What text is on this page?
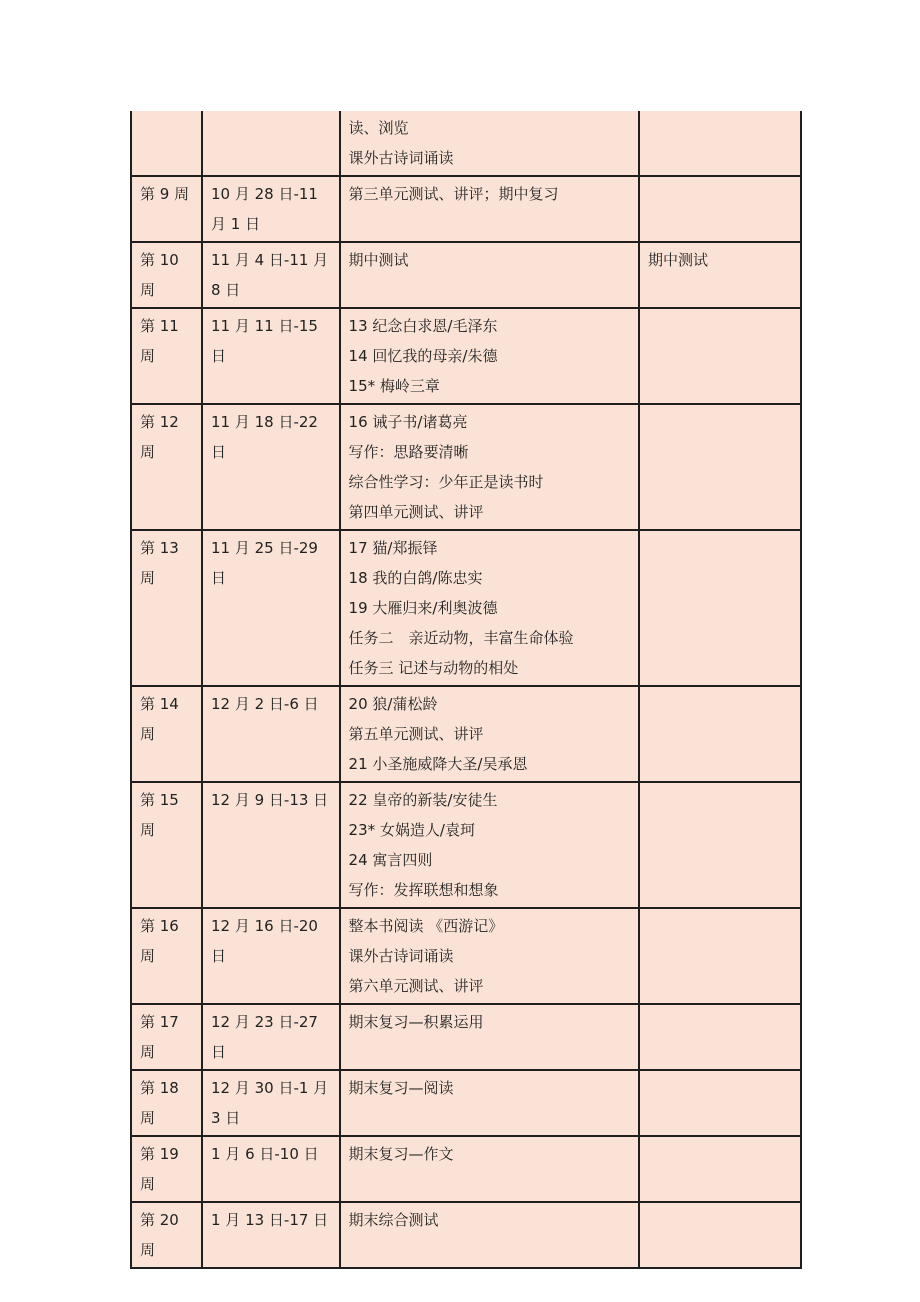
		读、浏览
课外古诗词诵读	

第 9 周	10 月 28 日-11 月 1 日	第三单元测试、讲评；期中复习	

第 10 周	11 月 4 日-11 月 8 日	期中测试	期中测试
第 11 周	11 月 11 日-15 日	13 纪念白求恩/毛泽东
14 回忆我的母亲/朱德
15* 梅岭三章	

第 12 周	11 月 18 日-22 日	16 诫子书/诸葛亮
写作：思路要清晰
综合性学习：少年正是读书时
第四单元测试、讲评	

第 13 周	11 月 25 日-29 日	17 猫/郑振铎
18 我的白鸽/陈忠实
19 大雁归来/利奥波德
任务二　亲近动物，丰富生命体验
任务三 记述与动物的相处	

第 14 周	12 月 2 日-6 日	20 狼/蒲松龄
第五单元测试、讲评
21 小圣施威降大圣/吴承恩	

第 15 周	12 月 9 日-13 日	22 皇帝的新装/安徒生
23* 女娲造人/袁珂
24 寓言四则
写作：发挥联想和想象	

第 16 周	12 月 16 日-20 日	整本书阅读 《西游记》
课外古诗词诵读
第六单元测试、讲评	

第 17 周	12 月 23 日-27 日	期末复习—积累运用	

第 18 周	12 月 30 日-1 月 3 日	期末复习—阅读	

第 19 周	1 月 6 日-10 日	期末复习—作文	

第 20 周	1 月 13 日-17 日	期末综合测试	
